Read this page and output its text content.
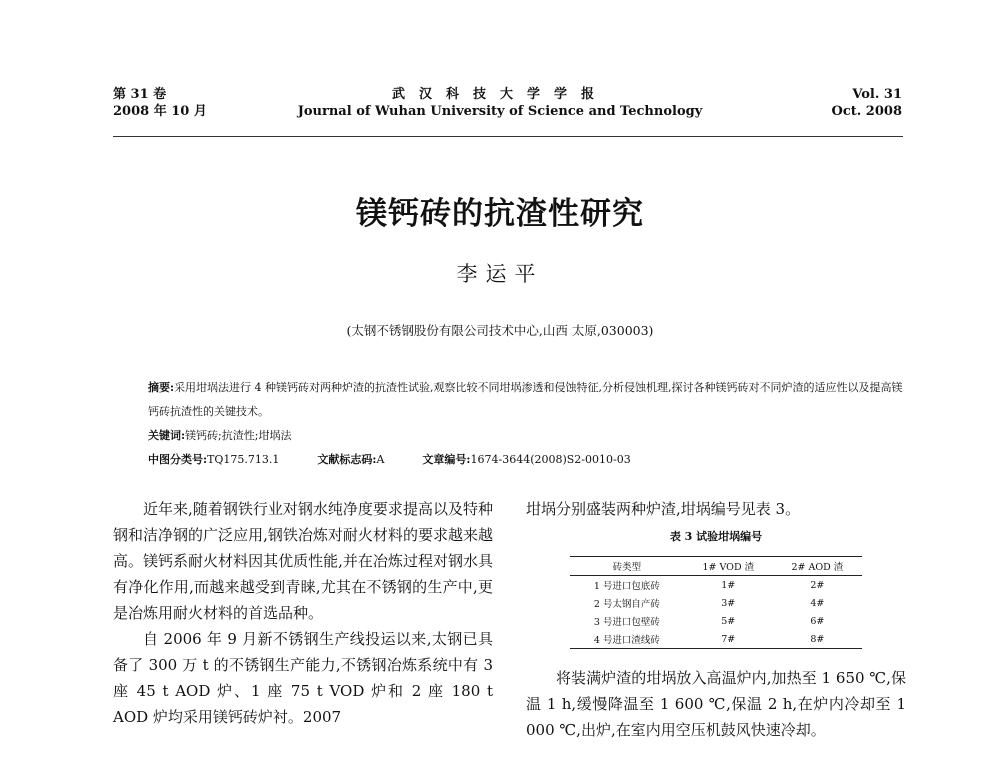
第 31 卷
2008 年 10 月
武汉科技大学学报
Journal of Wuhan University of Science and Technology
Vol. 31
Oct. 2008
镁钙砖的抗渣性研究
李运平
(太钢不锈钢股份有限公司技术中心,山西 太原,030003)
摘要:采用坩埚法进行 4 种镁钙砖对两种炉渣的抗渣性试验,观察比较不同坩埚渗透和侵蚀特征,分析侵蚀机理,探讨各种镁钙砖对不同炉渣的适应性以及提高镁钙砖抗渣性的关键技术。
关键词:镁钙砖;抗渣性;坩埚法
中图分类号:TQ175.713.1	文献标志码:A	文章编号:1674-3644(2008)S2-0010-03
近年来,随着钢铁行业对钢水纯净度要求提高以及特种钢和洁净钢的广泛应用,钢铁冶炼对耐火材料的要求越来越高。镁钙系耐火材料因其优质性能,并在冶炼过程对钢水具有净化作用,而越来越受到青睐,尤其在不锈钢的生产中,更是冶炼用耐火材料的首选品种。
自 2006 年 9 月新不锈钢生产线投运以来,太钢已具备了 300 万 t 的不锈钢生产能力,不锈钢冶炼系统中有 3 座 45 t AOD 炉、1 座 75 t VOD 炉和 2 座 180 t AOD 炉均采用镁钙砖炉衬。2007
坩埚分别盛装两种炉渣,坩埚编号见表 3。
表 3 试验坩埚编号
砖类型	1# VOD 渣	2# AOD 渣
1 号进口包底砖	1#	2#
2 号太钢自产砖	3#	4#
3 号进口包壁砖	5#	6#
4 号进口渣线砖	7#	8#
将装满炉渣的坩埚放入高温炉内,加热至 1 650 ℃,保温 1 h,缓慢降温至 1 600 ℃,保温 2 h,在炉内冷却至 1 000 ℃,出炉,在室内用空压机鼓风快速冷却。
